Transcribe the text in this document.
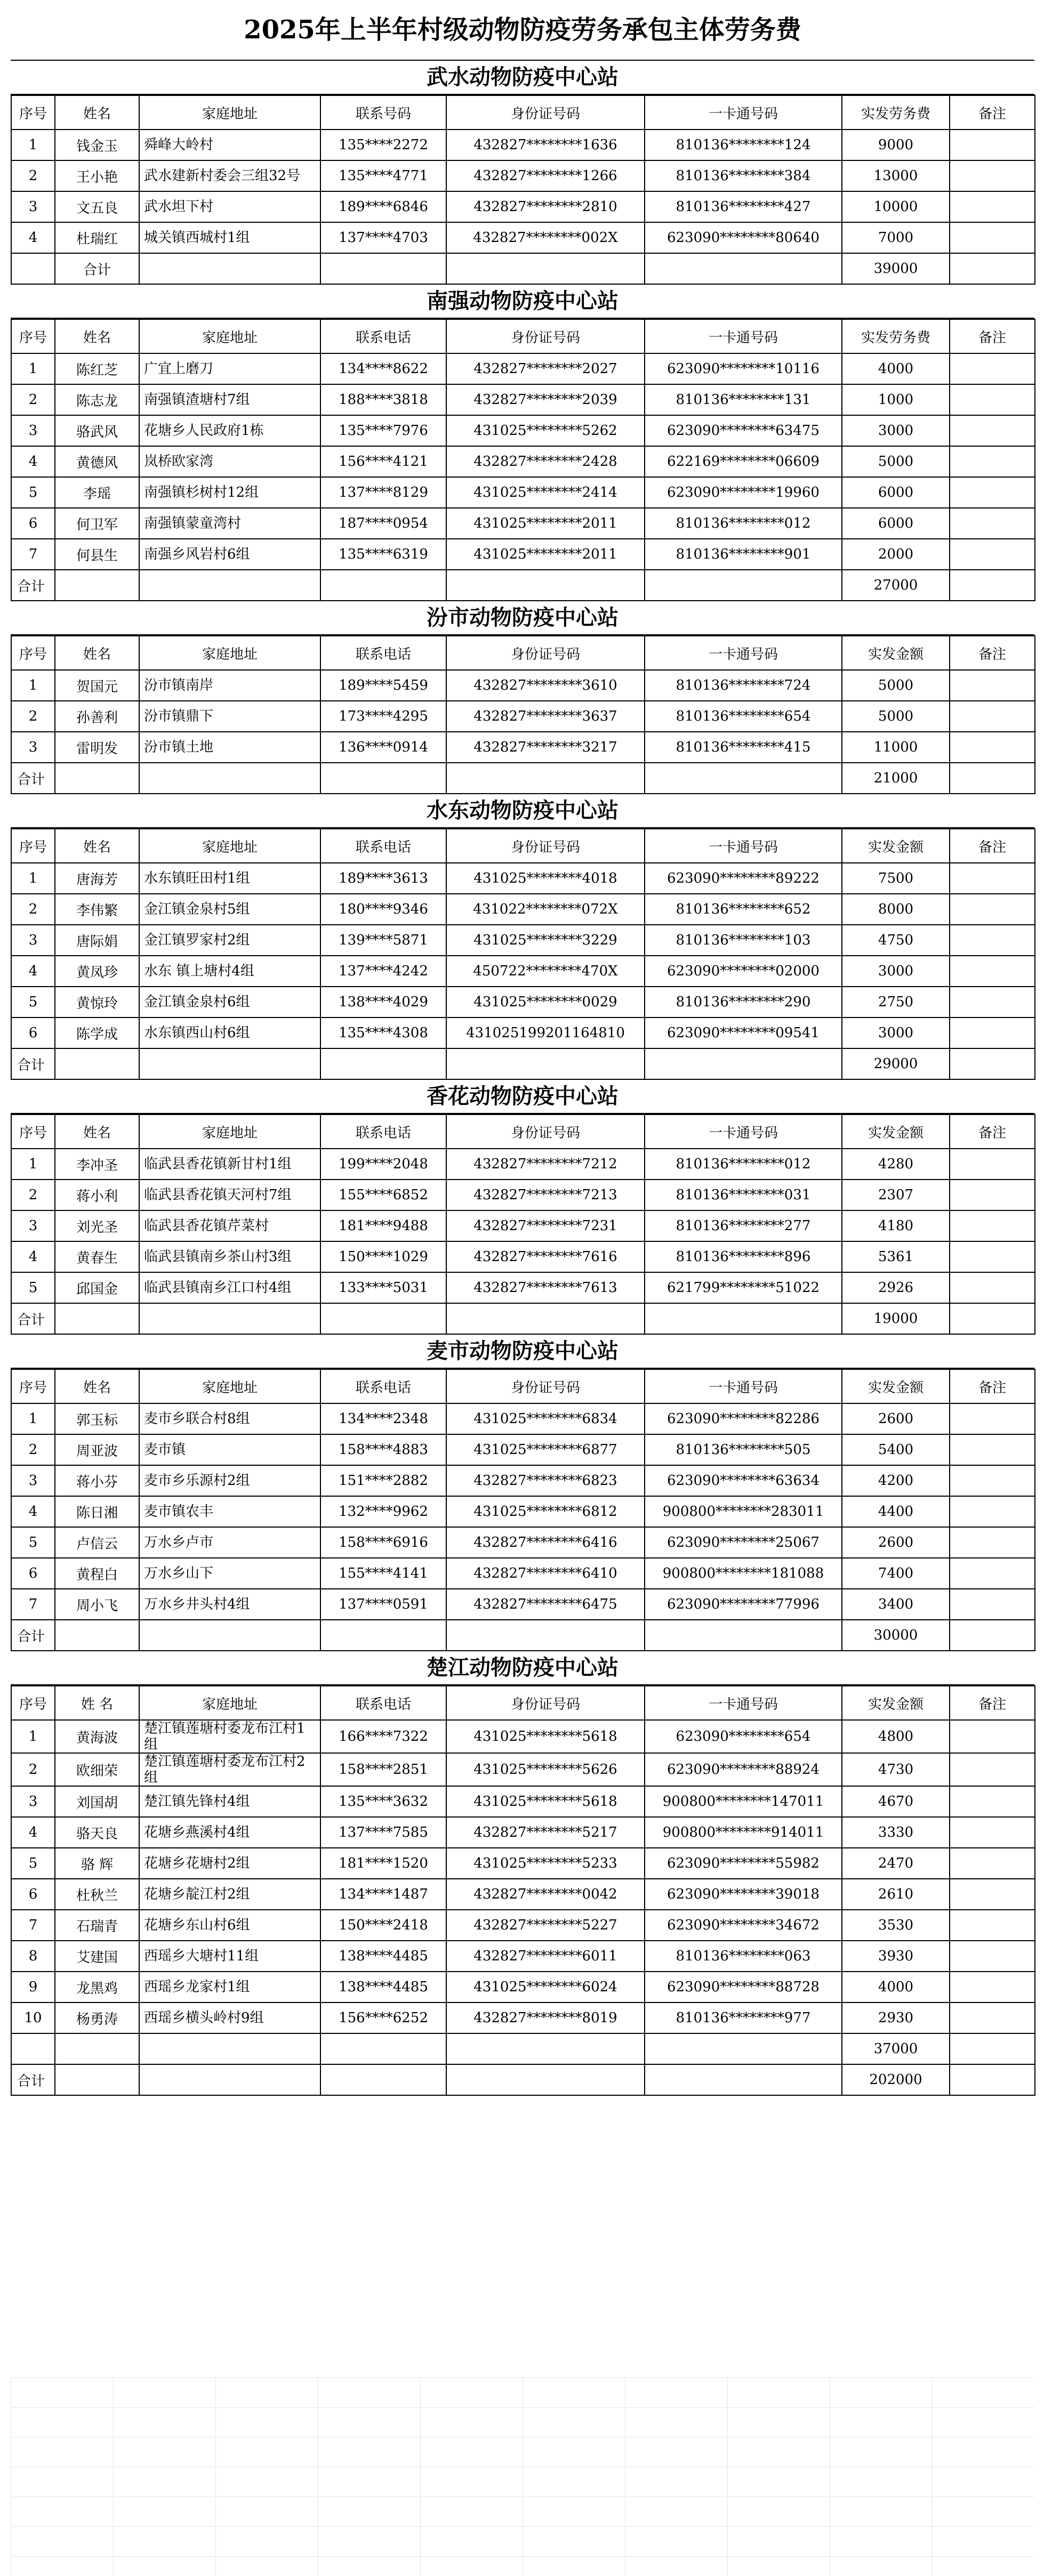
2025年上半年村级动物防疫劳务承包主体劳务费
武水动物防疫中心站
序号	姓名	家庭地址	联系号码	身份证号码	一卡通号码	实发劳务费	备注
1	钱金玉	舜峰大岭村	135****2272	432827********1636	810136********124	9000	
2	王小艳	武水建新村委会三组32号	135****4771	432827********1266	810136********384	13000	
3	文五良	武水坦下村	189****6846	432827********2810	810136********427	10000	
4	杜瑞红	城关镇西城村1组	137****4703	432827********002X	623090********80640	7000	
	合计					39000	
南强动物防疫中心站
序号	姓名	家庭地址	联系电话	身份证号码	一卡通号码	实发劳务费	备注
1	陈红芝	广宜上磨刀	134****8622	432827********2027	623090********10116	4000	
2	陈志龙	南强镇渣塘村7组	188****3818	432827********2039	810136********131	1000	
3	骆武风	花塘乡人民政府1栋	135****7976	431025********5262	623090********63475	3000	
4	黄德风	岚桥欧家湾	156****4121	432827********2428	622169********06609	5000	
5	李瑶	南强镇杉树村12组	137****8129	431025********2414	623090********19960	6000	
6	何卫军	南强镇蒙童湾村	187****0954	431025********2011	810136********012	6000	
7	何县生	南强乡风岩村6组	135****6319	431025********2011	810136********901	2000	
合计						27000	
汾市动物防疫中心站
序号	姓名	家庭地址	联系电话	身份证号码	一卡通号码	实发金额	备注
1	贺国元	汾市镇南岸	189****5459	432827********3610	810136********724	5000	
2	孙善利	汾市镇鼎下	173****4295	432827********3637	810136********654	5000	
3	雷明发	汾市镇土地	136****0914	432827********3217	810136********415	11000	
合计						21000	
水东动物防疫中心站
序号	姓名	家庭地址	联系电话	身份证号码	一卡通号码	实发金额	备注
1	唐海芳	水东镇旺田村1组	189****3613	431025********4018	623090********89222	7500	
2	李伟繁	金江镇金泉村5组	180****9346	431022********072X	810136********652	8000	
3	唐际娟	金江镇罗家村2组	139****5871	431025********3229	810136********103	4750	
4	黄凤珍	水东 镇上塘村4组	137****4242	450722********470X	623090********02000	3000	
5	黄惊玲	金江镇金泉村6组	138****4029	431025********0029	810136********290	2750	
6	陈学成	水东镇西山村6组	135****4308	431025199201164810	623090********09541	3000	
合计						29000	
香花动物防疫中心站
序号	姓名	家庭地址	联系电话	身份证号码	一卡通号码	实发金额	备注
1	李冲圣	临武县香花镇新甘村1组	199****2048	432827********7212	810136********012	4280	
2	蒋小利	临武县香花镇天河村7组	155****6852	432827********7213	810136********031	2307	
3	刘光圣	临武县香花镇芹菜村	181****9488	432827********7231	810136********277	4180	
4	黄春生	临武县镇南乡茶山村3组	150****1029	432827********7616	810136********896	5361	
5	邱国金	临武县镇南乡江口村4组	133****5031	432827********7613	621799********51022	2926	
合计						19000	
麦市动物防疫中心站
序号	姓名	家庭地址	联系电话	身份证号码	一卡通号码	实发金额	备注
1	郭玉标	麦市乡联合村8组	134****2348	431025********6834	623090********82286	2600	
2	周亚波	麦市镇	158****4883	431025********6877	810136********505	5400	
3	蒋小芬	麦市乡乐源村2组	151****2882	432827********6823	623090********63634	4200	
4	陈日湘	麦市镇农丰	132****9962	431025********6812	900800********283011	4400	
5	卢信云	万水乡卢市	158****6916	432827********6416	623090********25067	2600	
6	黄程白	万水乡山下	155****4141	432827********6410	900800********181088	7400	
7	周小飞	万水乡井头村4组	137****0591	432827********6475	623090********77996	3400	
合计						30000	
楚江动物防疫中心站
序号	姓 名	家庭地址	联系电话	身份证号码	一卡通号码	实发金额	备注
1	黄海波	楚江镇莲塘村委龙布江村1组	166****7322	431025********5618	623090********654	4800	
2	欧细荣	楚江镇莲塘村委龙布江村2组	158****2851	431025********5626	623090********88924	4730	
3	刘国胡	楚江镇先锋村4组	135****3632	431025********5618	900800********147011	4670	
4	骆天良	花塘乡燕溪村4组	137****7585	432827********5217	900800********914011	3330	
5	骆 辉	花塘乡花塘村2组	181****1520	431025********5233	623090********55982	2470	
6	杜秋兰	花塘乡靛江村2组	134****1487	432827********0042	623090********39018	2610	
7	石瑞青	花塘乡东山村6组	150****2418	432827********5227	623090********34672	3530	
8	艾建国	西瑶乡大塘村11组	138****4485	432827********6011	810136********063	3930	
9	龙黑鸡	西瑶乡龙家村1组	138****4485	431025********6024	623090********88728	4000	
10	杨勇涛	西瑶乡横头岭村9组	156****6252	432827********8019	810136********977	2930	
						37000	
合计						202000	
